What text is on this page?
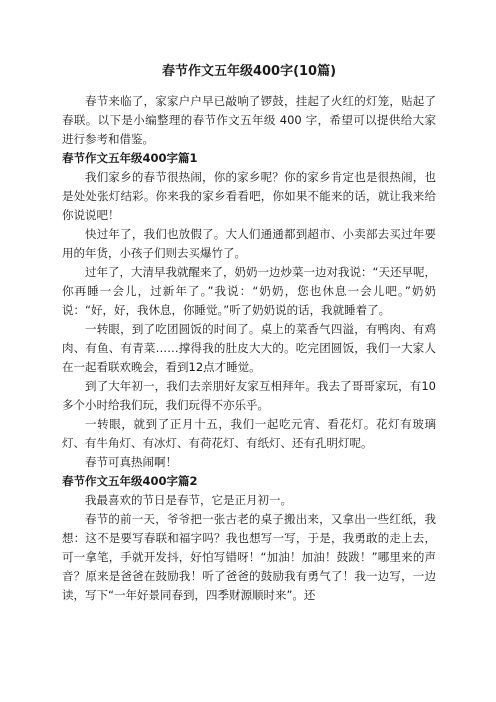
春节作文五年级400字(10篇)

春节来临了，家家户户早已敲响了锣鼓，挂起了火红的灯笼，贴起了春联。以下是小编整理的春节作文五年级 400 字，希望可以提供给大家进行参考和借鉴。

春节作文五年级400字篇1

我们家乡的春节很热闹，你的家乡呢？你的家乡肯定也是很热闹，也是处处张灯结彩。你来我的家乡看看吧，你如果不能来的话，就让我来给你说说吧！

快过年了，我们也放假了。大人们通通都到超市、小卖部去买过年要用的年货，小孩子们则去买爆竹了。

过年了，大清早我就醒来了，奶奶一边炒菜一边对我说：“天还早呢，你再睡一会儿，过新年了。”我说：“奶奶，您也休息一会儿吧。”奶奶说：“好，好，我休息，你睡觉。”听了奶奶说的话，我就睡着了。

一转眼，到了吃团圆饭的时间了。桌上的菜香气四溢，有鸭肉、有鸡肉、有鱼、有青菜……撑得我的肚皮大大的。吃完团圆饭，我们一大家人在一起看联欢晚会，看到12点才睡觉。

到了大年初一，我们去亲朋好友家互相拜年。我去了哥哥家玩，有10多个小时给我们玩，我们玩得不亦乐乎。

一转眼，就到了正月十五，我们一起吃元宵、看花灯。花灯有玻璃灯、有牛角灯、有冰灯、有荷花灯、有纸灯、还有孔明灯呢。

春节可真热闹啊！

春节作文五年级400字篇2

我最喜欢的节日是春节，它是正月初一。

春节的前一天，爷爷把一张古老的桌子搬出来，又拿出一些红纸，我想：这不是要写春联和福字吗？我也想写一写，于是，我勇敢的走上去，可一拿笔，手就开发抖，好怕写错呀！“加油！加油！鼓跋！”哪里来的声音？原来是爸爸在鼓励我！听了爸爸的鼓励我有勇气了！我一边写，一边读，写下“一年好景同春到，四季财源顺时来”。还
